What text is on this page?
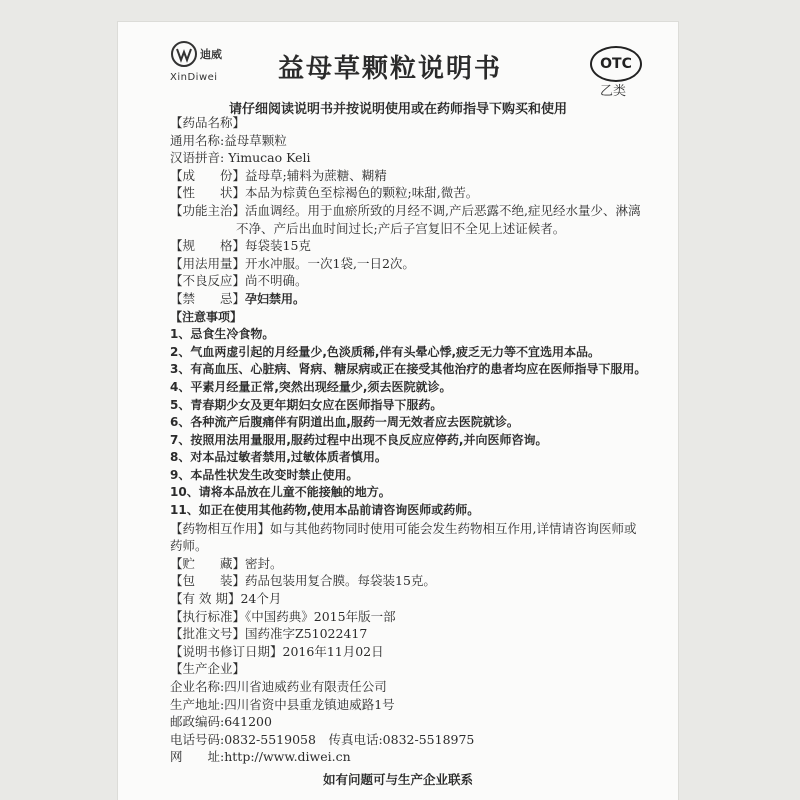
迪威
XinDiwei 益母草颗粒说明书	OTC
乙类
请仔细阅读说明书并按说明使用或在药师指导下购买和使用
【药品名称】
通用名称:益母草颗粒
汉语拼音: Yimucao Keli
【成　　份】益母草;辅料为蔗糖、糊精
【性　　状】本品为棕黄色至棕褐色的颗粒;味甜,微苦。
【功能主治】活血调经。用于血瘀所致的月经不调,产后恶露不绝,症见经水量少、淋漓不净、产后出血时间过长;产后子宫复旧不全见上述证候者。
【规　　格】每袋装15克
【用法用量】开水冲服。一次1袋,一日2次。
【不良反应】尚不明确。
【禁　　忌】孕妇禁用。
【注意事项】
1、忌食生冷食物。
2、气血两虚引起的月经量少,色淡质稀,伴有头晕心悸,疲乏无力等不宜选用本品。
3、有高血压、心脏病、肾病、糖尿病或正在接受其他治疗的患者均应在医师指导下服用。
4、平素月经量正常,突然出现经量少,须去医院就诊。
5、青春期少女及更年期妇女应在医师指导下服药。
6、各种流产后腹痛伴有阴道出血,服药一周无效者应去医院就诊。
7、按照用法用量服用,服药过程中出现不良反应应停药,并向医师咨询。
8、对本品过敏者禁用,过敏体质者慎用。
9、本品性状发生改变时禁止使用。
10、请将本品放在儿童不能接触的地方。
11、如正在使用其他药物,使用本品前请咨询医师或药师。
【药物相互作用】如与其他药物同时使用可能会发生药物相互作用,详情请咨询医师或药师。
【贮　　藏】密封。
【包　　装】药品包装用复合膜。每袋装15克。
【有 效 期】24个月
【执行标准】《中国药典》2015年版一部
【批准文号】国药准字Z51022417
【说明书修订日期】2016年11月02日
【生产企业】
企业名称:四川省迪威药业有限责任公司
生产地址:四川省资中县重龙镇迪威路1号
邮政编码:641200
电话号码:0832-5519058　 传真电话:0832-5518975
网　　址:http://www.diwei.cn
如有问题可与生产企业联系
